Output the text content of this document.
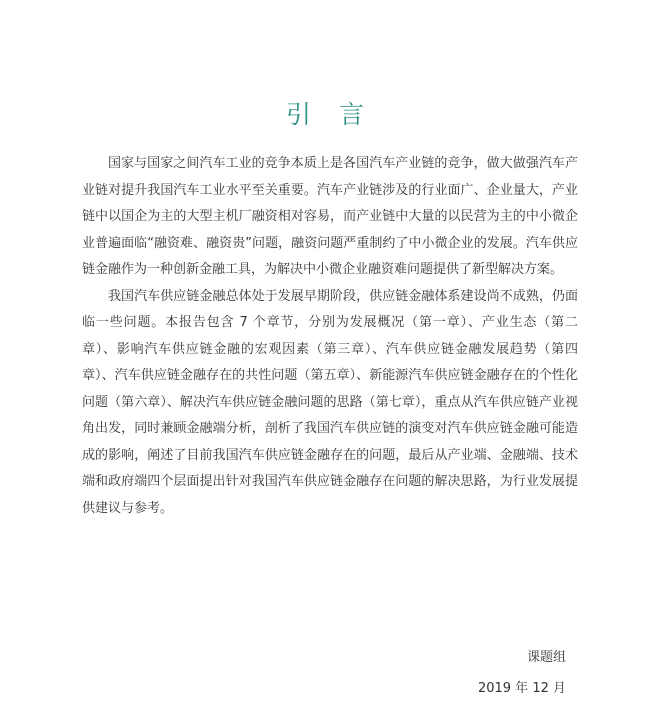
引 言

国家与国家之间汽车工业的竞争本质上是各国汽车产业链的竞争，做大做强汽车产业链对提升我国汽车工业水平至关重要。汽车产业链涉及的行业面广、企业量大，产业链中以国企为主的大型主机厂融资相对容易，而产业链中大量的以民营为主的中小微企业普遍面临“融资难、融资贵”问题，融资问题严重制约了中小微企业的发展。汽车供应链金融作为一种创新金融工具，为解决中小微企业融资难问题提供了新型解决方案。

我国汽车供应链金融总体处于发展早期阶段，供应链金融体系建设尚不成熟，仍面临一些问题。本报告包含 7 个章节，分别为发展概况（第一章）、产业生态（第二章）、影响汽车供应链金融的宏观因素（第三章）、汽车供应链金融发展趋势（第四章）、汽车供应链金融存在的共性问题（第五章）、新能源汽车供应链金融存在的个性化问题（第六章）、解决汽车供应链金融问题的思路（第七章），重点从汽车供应链产业视角出发，同时兼顾金融端分析，剖析了我国汽车供应链的演变对汽车供应链金融可能造成的影响，阐述了目前我国汽车供应链金融存在的问题，最后从产业端、金融端、技术端和政府端四个层面提出针对我国汽车供应链金融存在问题的解决思路，为行业发展提供建议与参考。

课题组
2019 年 12 月
